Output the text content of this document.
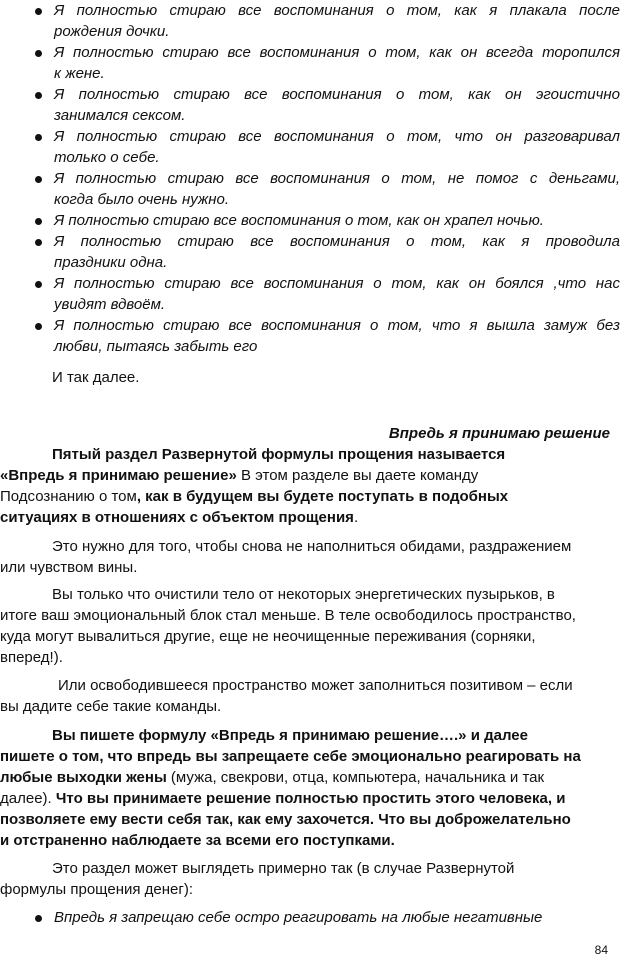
Я полностью стираю все воспоминания о том, как я плакала после
рождения дочки.
Я полностью стираю все воспоминания о том, как он всегда торопился
к жене.
Я полностью стираю все воспоминания о том, как он эгоистично
занимался сексом.
Я полностью стираю все воспоминания о том, что он разговаривал
только о себе.
Я полностью стираю все воспоминания о том, не помог с деньгами,
когда было очень нужно.
Я полностью стираю все воспоминания о том, как он храпел ночью.
Я полностью стираю все воспоминания о том, как я проводила
праздники одна.
Я полностью стираю все воспоминания о том, как он боялся ,что нас
увидят вдвоём.
Я полностью стираю все воспоминания о том, что я вышла замуж без
любви, пытаясь забыть его
И так далее.
Впредь я принимаю решение
Пятый раздел Развернутой формулы прощения называется
«Впредь я принимаю решение» В этом разделе вы даете команду
Подсознанию о том, как в будущем вы будете поступать в подобных
ситуациях в отношениях с объектом прощения.
Это нужно для того, чтобы снова не наполниться обидами, раздражением
или чувством вины.
Вы только что очистили тело от некоторых энергетических пузырьков, в
итоге ваш эмоциональный блок стал меньше. В теле освободилось пространство,
куда могут вывалиться другие, еще не неочищенные переживания (сорняки,
вперед!).
Или освободившееся пространство может заполниться позитивом – если
вы дадите себе такие команды.
Вы пишете формулу «Впредь я принимаю решение….» и далее
пишете о том, что впредь вы запрещаете себе эмоционально реагировать на
любые выходки жены (мужа, свекрови, отца, компьютера, начальника и так
далее). Что вы принимаете решение полностью простить этого человека, и
позволяете ему вести себя так, как ему захочется. Что вы доброжелательно
и отстраненно наблюдаете за всеми его поступками.
Это раздел может выглядеть примерно так (в случае Развернутой
формулы прощения денег):
Впредь я запрещаю себе остро реагировать на любые негативные
84
